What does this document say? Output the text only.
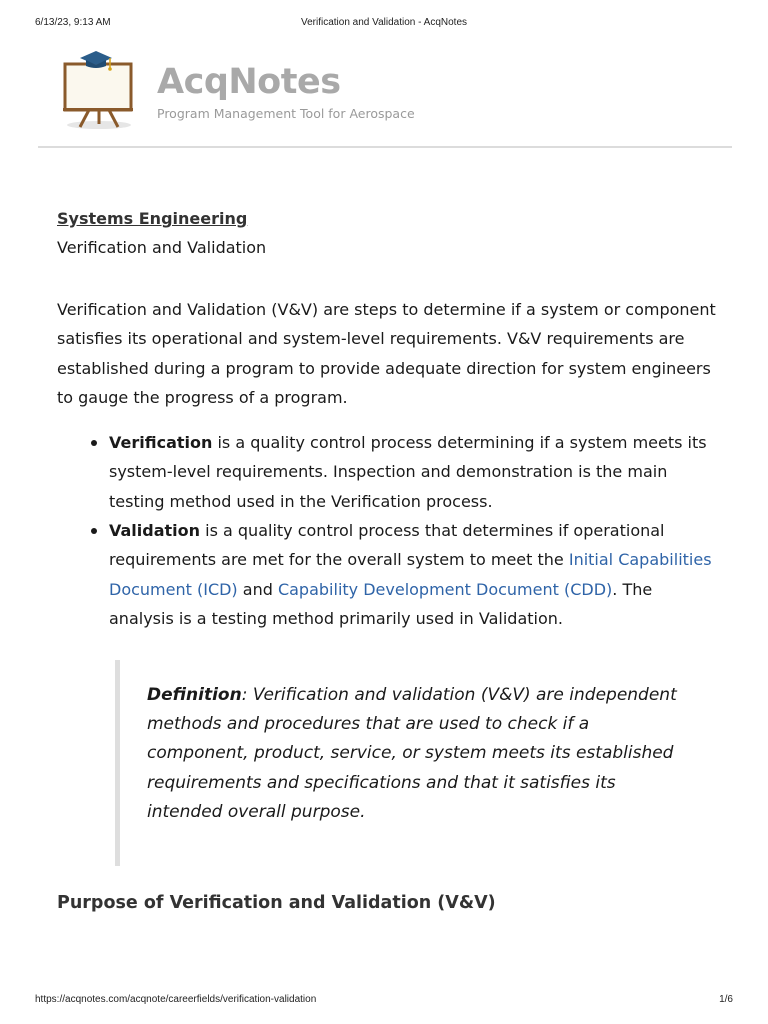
6/13/23, 9:13 AM	Verification and Validation - AcqNotes
AcqNotes
Program Management Tool for Aerospace
Systems Engineering
Verification and Validation

Verification and Validation (V&V) are steps to determine if a system or component satisfies its operational and system-level requirements. V&V requirements are established during a program to provide adequate direction for system engineers to gauge the progress of a program.

Verification is a quality control process determining if a system meets its system-level requirements. Inspection and demonstration is the main testing method used in the Verification process.
Validation is a quality control process that determines if operational requirements are met for the overall system to meet the Initial Capabilities Document (ICD) and Capability Development Document (CDD). The analysis is a testing method primarily used in Validation.
Definition: Verification and validation (V&V) are independent methods and procedures that are used to check if a component, product, service, or system meets its established requirements and specifications and that it satisfies its intended overall purpose.
Purpose of Verification and Validation (V&V)
https://acqnotes.com/acqnote/careerfields/verification-validation	1/6
